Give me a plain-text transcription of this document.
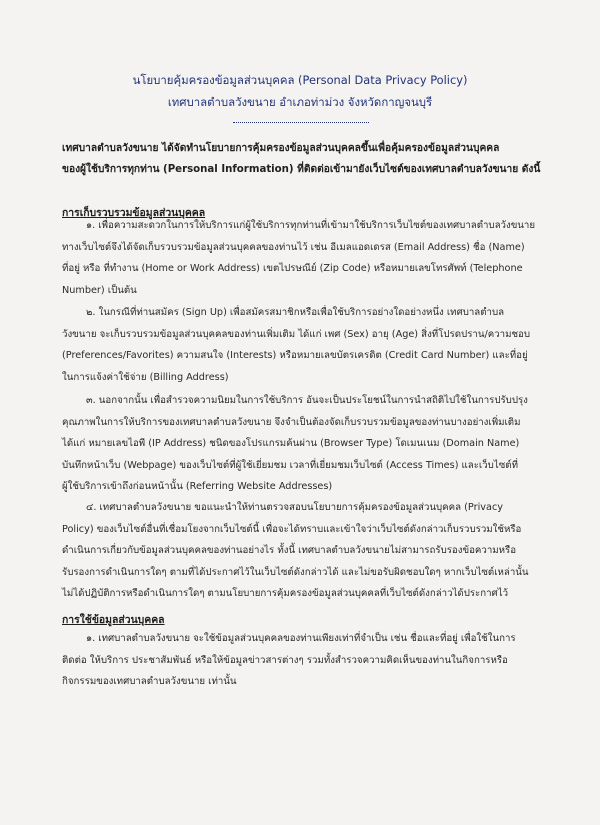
นโยบายคุ้มครองข้อมูลส่วนบุคคล (Personal Data Privacy Policy)
เทศบาลตำบลวังขนาย อำเภอท่าม่วง จังหวัดกาญจนบุรี
เทศบาลตำบลวังขนาย ได้จัดทำนโยบายการคุ้มครองข้อมูลส่วนบุคคลขึ้นเพื่อคุ้มครองข้อมูลส่วนบุคคล
ของผู้ใช้บริการทุกท่าน (Personal Information) ที่ติดต่อเข้ามายังเว็บไซต์ของเทศบาลตำบลวังขนาย ดังนี้
การเก็บรวบรวมข้อมูลส่วนบุคคล
๑. เพื่อความสะดวกในการให้บริการแก่ผู้ใช้บริการทุกท่านที่เข้ามาใช้บริการเว็บไซต์ของเทศบาลตำบลวังขนาย
ทางเว็บไซต์จึงได้จัดเก็บรวบรวมข้อมูลส่วนบุคคลของท่านไว้ เช่น อีเมลแอดเดรส (Email Address) ชื่อ (Name)
ที่อยู่ หรือ ที่ทำงาน (Home or Work Address) เขตไปรษณีย์ (Zip Code) หรือหมายเลขโทรศัพท์ (Telephone
Number) เป็นต้น
๒. ในกรณีที่ท่านสมัคร (Sign Up) เพื่อสมัครสมาชิกหรือเพื่อใช้บริการอย่างใดอย่างหนึ่ง เทศบาลตำบล
วังขนาย จะเก็บรวบรวมข้อมูลส่วนบุคคลของท่านเพิ่มเติม ได้แก่ เพศ (Sex) อายุ (Age) สิ่งที่โปรดปราน/ความชอบ
(Preferences/Favorites) ความสนใจ (Interests) หรือหมายเลขบัตรเครดิต (Credit Card Number) และที่อยู่
ในการแจ้งค่าใช้จ่าย (Billing Address)
๓. นอกจากนั้น เพื่อสำรวจความนิยมในการใช้บริการ อันจะเป็นประโยชน์ในการนำสถิติไปใช้ในการปรับปรุง
คุณภาพในการให้บริการของเทศบาลตำบลวังขนาย จึงจำเป็นต้องจัดเก็บรวบรวมข้อมูลของท่านบางอย่างเพิ่มเติม
ได้แก่ หมายเลขไอพี (IP Address) ชนิดของโปรแกรมค้นผ่าน (Browser Type) โดเมนเนม (Domain Name)
บันทึกหน้าเว็บ (Webpage) ของเว็บไซต์ที่ผู้ใช้เยี่ยมชม เวลาที่เยี่ยมชมเว็บไซต์ (Access Times) และเว็บไซต์ที่
ผู้ใช้บริการเข้าถึงก่อนหน้านั้น (Referring Website Addresses)
๔. เทศบาลตำบลวังขนาย ขอแนะนำให้ท่านตรวจสอบนโยบายการคุ้มครองข้อมูลส่วนบุคคล (Privacy
Policy) ของเว็บไซต์อื่นที่เชื่อมโยงจากเว็บไซต์นี้ เพื่อจะได้ทราบและเข้าใจว่าเว็บไซต์ดังกล่าวเก็บรวบรวมใช้หรือ
ดำเนินการเกี่ยวกับข้อมูลส่วนบุคคลของท่านอย่างไร ทั้งนี้ เทศบาลตำบลวังขนายไม่สามารถรับรองข้อความหรือ
รับรองการดำเนินการใดๆ ตามที่ได้ประกาศไว้ในเว็บไซต์ดังกล่าวได้ และไม่ขอรับผิดชอบใดๆ หากเว็บไซต์เหล่านั้น
ไม่ได้ปฏิบัติการหรือดำเนินการใดๆ ตามนโยบายการคุ้มครองข้อมูลส่วนบุคคลที่เว็บไซต์ดังกล่าวได้ประกาศไว้
การใช้ข้อมูลส่วนบุคคล
๑. เทศบาลตำบลวังขนาย จะใช้ข้อมูลส่วนบุคคลของท่านเพียงเท่าที่จำเป็น เช่น ชื่อและที่อยู่ เพื่อใช้ในการ
ติดต่อ ให้บริการ ประชาสัมพันธ์ หรือให้ข้อมูลข่าวสารต่างๆ รวมทั้งสำรวจความคิดเห็นของท่านในกิจการหรือ
กิจกรรมของเทศบาลตำบลวังขนาย เท่านั้น
